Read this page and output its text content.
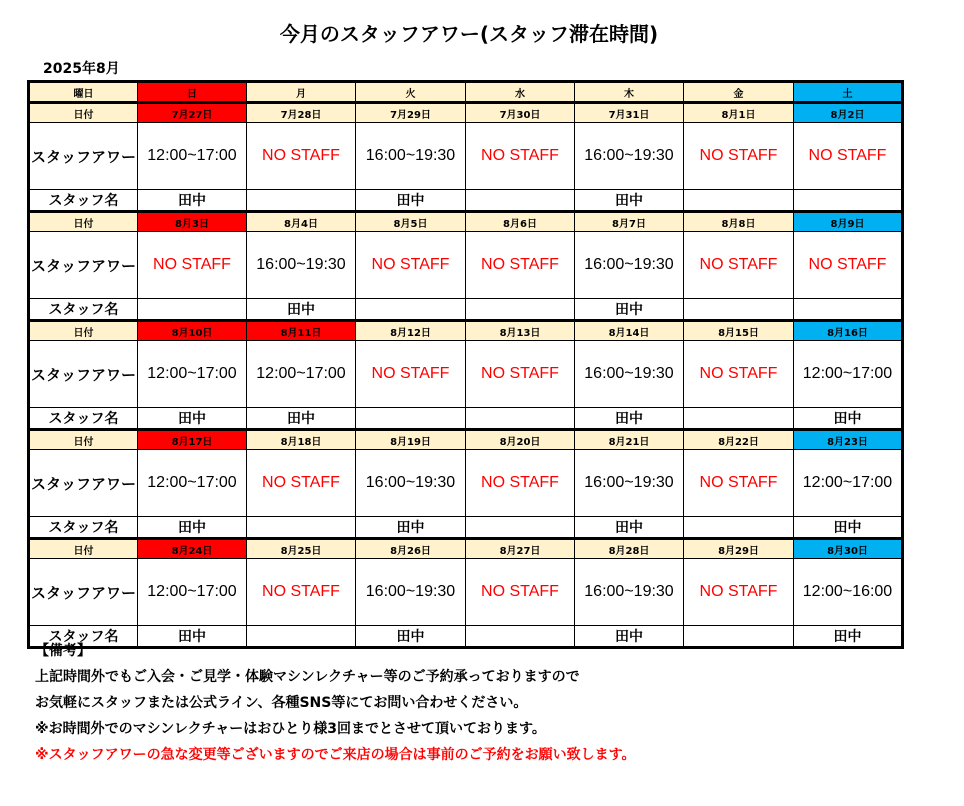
今月のスタッフアワー(スタッフ滞在時間)
2025年8月
曜日	日	月	火	水	木	金	土
日付	7月27日	7月28日	7月29日	7月30日	7月31日	8月1日	8月2日
スタッフアワー	12:00~17:00	NO STAFF	16:00~19:30	NO STAFF	16:00~19:30	NO STAFF	NO STAFF
スタッフ名	田中		田中		田中		
日付	8月3日	8月4日	8月5日	8月6日	8月7日	8月8日	8月9日
スタッフアワー	NO STAFF	16:00~19:30	NO STAFF	NO STAFF	16:00~19:30	NO STAFF	NO STAFF
スタッフ名		田中			田中		
日付	8月10日	8月11日	8月12日	8月13日	8月14日	8月15日	8月16日
スタッフアワー	12:00~17:00	12:00~17:00	NO STAFF	NO STAFF	16:00~19:30	NO STAFF	12:00~17:00
スタッフ名	田中	田中			田中		田中
日付	8月17日	8月18日	8月19日	8月20日	8月21日	8月22日	8月23日
スタッフアワー	12:00~17:00	NO STAFF	16:00~19:30	NO STAFF	16:00~19:30	NO STAFF	12:00~17:00
スタッフ名	田中		田中		田中		田中
日付	8月24日	8月25日	8月26日	8月27日	8月28日	8月29日	8月30日
スタッフアワー	12:00~17:00	NO STAFF	16:00~19:30	NO STAFF	16:00~19:30	NO STAFF	12:00~16:00
スタッフ名	田中		田中		田中		田中
【備考】
上記時間外でもご入会・ご見学・体験マシンレクチャー等のご予約承っておりますので
お気軽にスタッフまたは公式ライン、各種SNS等にてお問い合わせください。
※お時間外でのマシンレクチャーはおひとり様3回までとさせて頂いております。
※スタッフアワーの急な変更等ございますのでご来店の場合は事前のご予約をお願い致します。
